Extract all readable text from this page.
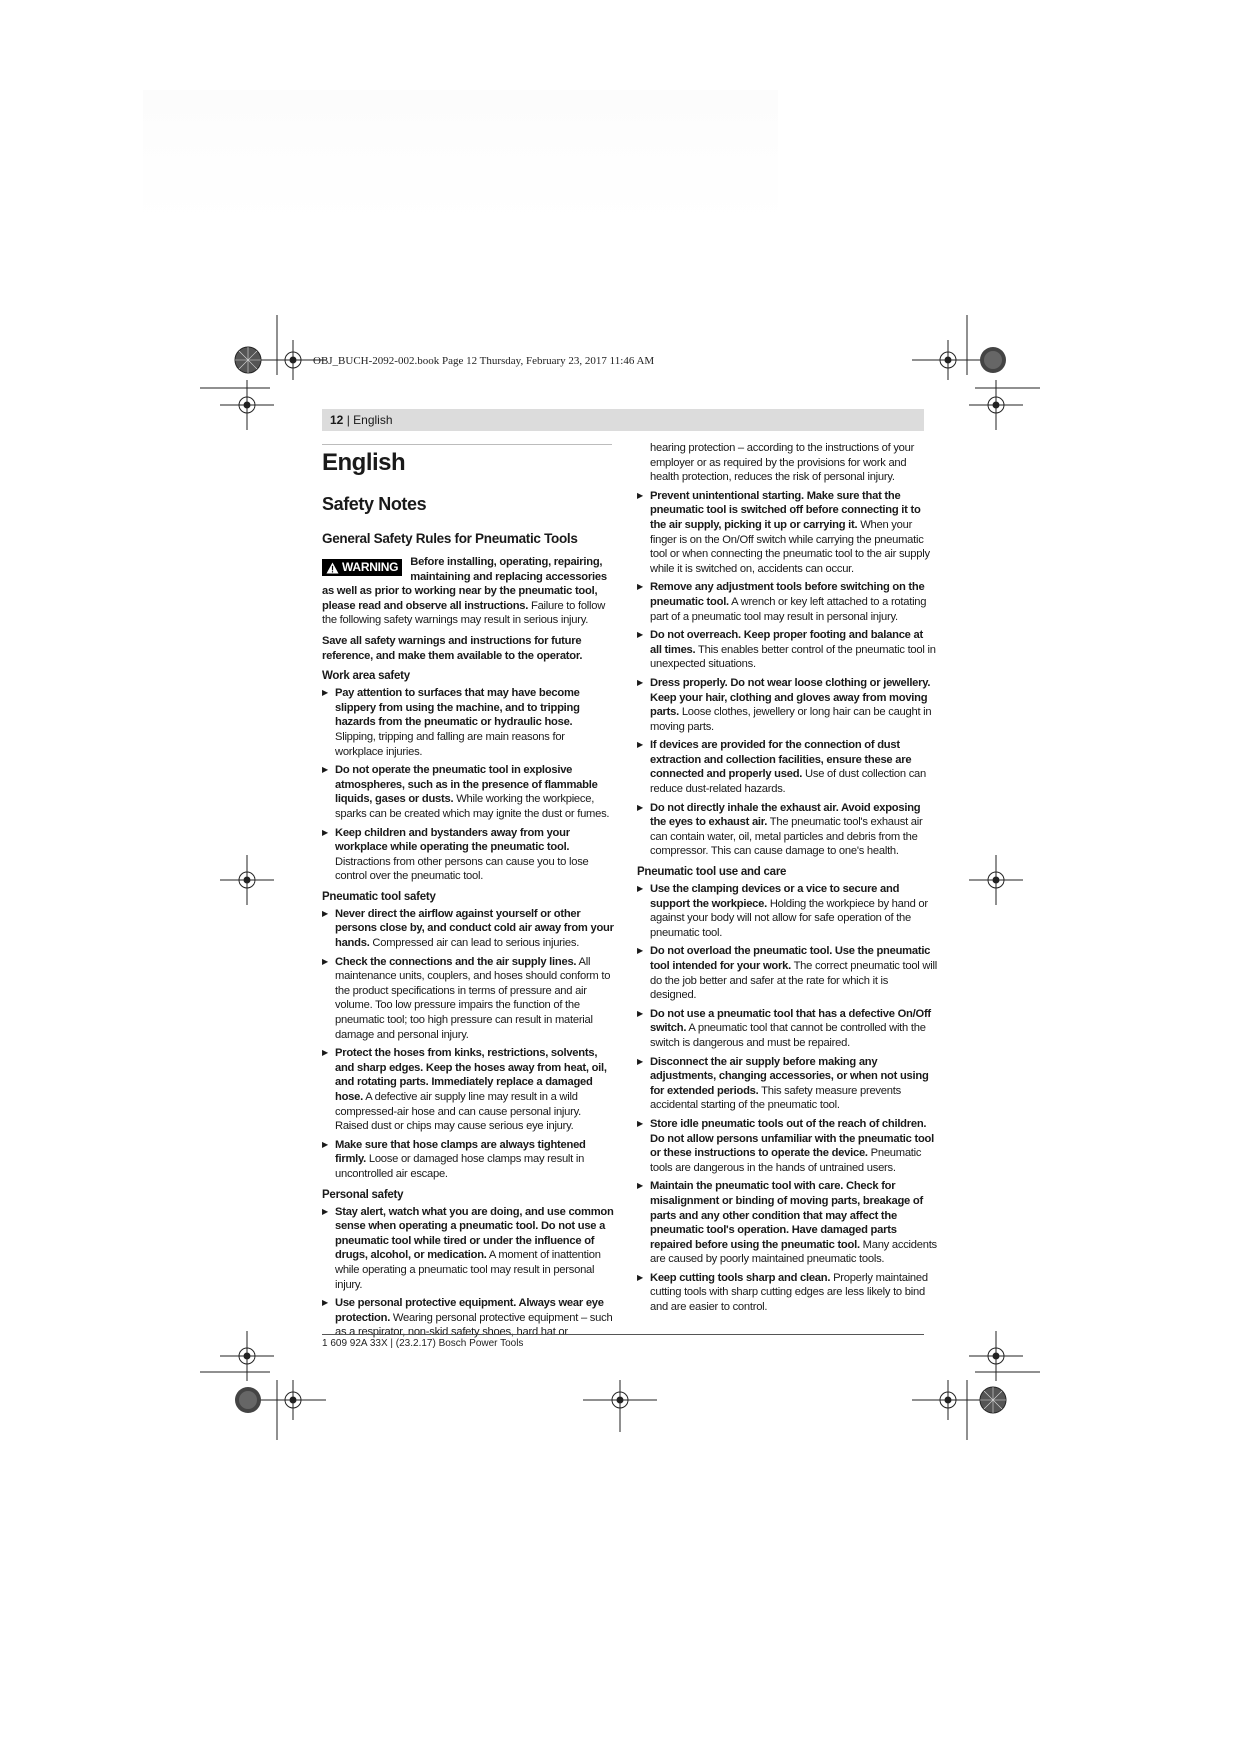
OBJ_BUCH-2092-002.book Page 12 Thursday, February 23, 2017 11:46 AM
12 | English
English
Safety Notes
General Safety Rules for Pneumatic Tools

WARNING Before installing, operating, repairing, maintaining and replacing accessories as well as prior to working near by the pneumatic tool, please read and observe all instructions. Failure to follow the following safety warnings may result in serious injury.

Save all safety warnings and instructions for future reference, and make them available to the operator.

Work area safety
▶ Pay attention to surfaces that may have become slippery from using the machine, and to tripping hazards from the pneumatic or hydraulic hose. Slipping, tripping and falling are main reasons for workplace injuries.
▶ Do not operate the pneumatic tool in explosive atmospheres, such as in the presence of flammable liquids, gases or dusts. While working the workpiece, sparks can be created which may ignite the dust or fumes.
▶ Keep children and bystanders away from your workplace while operating the pneumatic tool. Distractions from other persons can cause you to lose control over the pneumatic tool.
Pneumatic tool safety
▶ Never direct the airflow against yourself or other persons close by, and conduct cold air away from your hands. Compressed air can lead to serious injuries.
▶ Check the connections and the air supply lines. All maintenance units, couplers, and hoses should conform to the product specifications in terms of pressure and air volume. Too low pressure impairs the function of the pneumatic tool; too high pressure can result in material damage and personal injury.
▶ Protect the hoses from kinks, restrictions, solvents, and sharp edges. Keep the hoses away from heat, oil, and rotating parts. Immediately replace a damaged hose. A defective air supply line may result in a wild compressed-air hose and can cause personal injury. Raised dust or chips may cause serious eye injury.
▶ Make sure that hose clamps are always tightened firmly. Loose or damaged hose clamps may result in uncontrolled air escape.
Personal safety
▶ Stay alert, watch what you are doing, and use common sense when operating a pneumatic tool. Do not use a pneumatic tool while tired or under the influence of drugs, alcohol, or medication. A moment of inattention while operating a pneumatic tool may result in personal injury.
▶ Use personal protective equipment. Always wear eye protection. Wearing personal protective equipment – such as a respirator, non-skid safety shoes, hard hat or
hearing protection – according to the instructions of your employer or as required by the provisions for work and health protection, reduces the risk of personal injury.
▶ Prevent unintentional starting. Make sure that the pneumatic tool is switched off before connecting it to the air supply, picking it up or carrying it. When your finger is on the On/Off switch while carrying the pneumatic tool or when connecting the pneumatic tool to the air supply while it is switched on, accidents can occur.
▶ Remove any adjustment tools before switching on the pneumatic tool. A wrench or key left attached to a rotating part of a pneumatic tool may result in personal injury.
▶ Do not overreach. Keep proper footing and balance at all times. This enables better control of the pneumatic tool in unexpected situations.
▶ Dress properly. Do not wear loose clothing or jewellery. Keep your hair, clothing and gloves away from moving parts. Loose clothes, jewellery or long hair can be caught in moving parts.
▶ If devices are provided for the connection of dust extraction and collection facilities, ensure these are connected and properly used. Use of dust collection can reduce dust-related hazards.
▶ Do not directly inhale the exhaust air. Avoid exposing the eyes to exhaust air. The pneumatic tool's exhaust air can contain water, oil, metal particles and debris from the compressor. This can cause damage to one's health.
Pneumatic tool use and care
▶ Use the clamping devices or a vice to secure and support the workpiece. Holding the workpiece by hand or against your body will not allow for safe operation of the pneumatic tool.
▶ Do not overload the pneumatic tool. Use the pneumatic tool intended for your work. The correct pneumatic tool will do the job better and safer at the rate for which it is designed.
▶ Do not use a pneumatic tool that has a defective On/Off switch. A pneumatic tool that cannot be controlled with the switch is dangerous and must be repaired.
▶ Disconnect the air supply before making any adjustments, changing accessories, or when not using for extended periods. This safety measure prevents accidental starting of the pneumatic tool.
▶ Store idle pneumatic tools out of the reach of children. Do not allow persons unfamiliar with the pneumatic tool or these instructions to operate the device. Pneumatic tools are dangerous in the hands of untrained users.
▶ Maintain the pneumatic tool with care. Check for misalignment or binding of moving parts, breakage of parts and any other condition that may affect the pneumatic tool's operation. Have damaged parts repaired before using the pneumatic tool. Many accidents are caused by poorly maintained pneumatic tools.
▶ Keep cutting tools sharp and clean. Properly maintained cutting tools with sharp cutting edges are less likely to bind and are easier to control.
1 609 92A 33X | (23.2.17) Bosch Power Tools
